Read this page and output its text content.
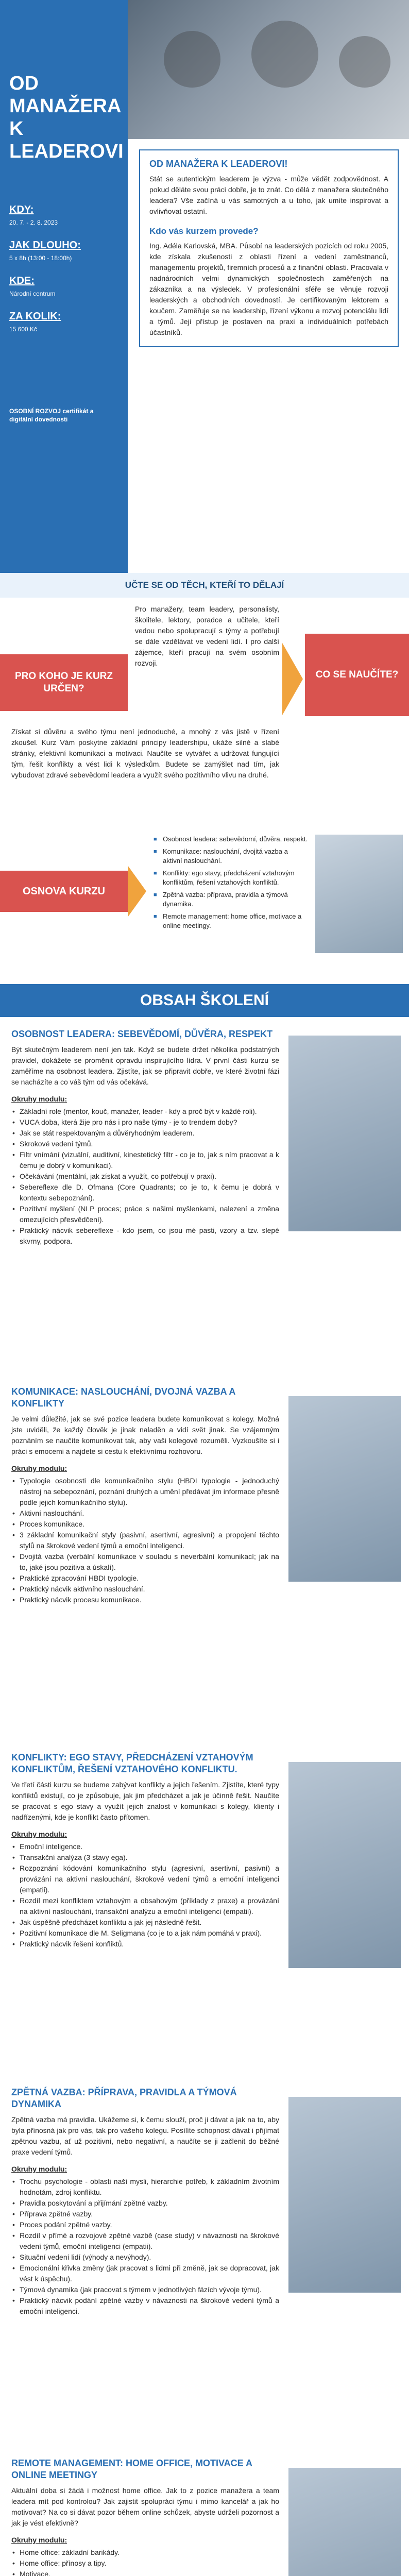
OD
MANAŽERA
K LEADEROVI
KDY:
20. 7. - 2. 8. 2023
JAK DLOUHO:
5 x 8h (13:00 - 18:00h)
KDE:
Národní centrum
ZA KOLIK:
15 600 Kč
OSOBNÍ ROZVOJ certifikát a digitální dovednosti
OD MANAŽERA K LEADEROVI!

Stát se autentickým leaderem je výzva - může vědět zodpovědnost. A pokud děláte svou práci dobře, je to znát. Co dělá z manažera skutečného leadera? Vše začíná u vás samotných a u toho, jak umíte inspirovat a ovlivňovat ostatní.

Kdo vás kurzem provede?

Ing. Adéla Karlovská, MBA. Působí na leaderských pozicích od roku 2005, kde získala zkušenosti z oblasti řízení a vedení zaměstnanců, managementu projektů, firemních procesů a z finanční oblasti. Pracovala v nadnárodních velmi dynamických společnostech zaměřených na zákazníka a na výsledek. V profesionální sféře se věnuje rozvoji leaderských a obchodních dovedností. Je certifikovaným lektorem a koučem. Zaměřuje se na leadership, řízení výkonu a rozvoj potenciálu lidí a týmů. Její přístup je postaven na praxi a individuálních potřebách účastníků.

UČTE SE OD TĚCH, KTEŘÍ TO DĚLAJÍ
PRO KOHO JE KURZ URČEN?

Pro manažery, team leadery, personalisty, školitele, lektory, poradce a učitele, kteří vedou nebo spolupracují s týmy a potřebují se dále vzdělávat ve vedení lidí. I pro další zájemce, kteří pracují na svém osobním rozvoji.

CO SE NAUČÍTE?

Získat si důvěru a svého týmu není jednoduché, a mnohý z vás jistě v řízení zkoušel. Kurz Vám poskytne základní principy leadershipu, ukáže silné a slabé stránky, efektivní komunikaci a motivaci. Naučíte se vytvářet a udržovat fungující tým, řešit konflikty a vést lidi k výsledkům. Budete se zamýšlet nad tím, jak vybudovat zdravé sebevědomí leadera a využít svého pozitivního vlivu na druhé.

OSNOVA KURZU
■ Osobnost leadera: sebevědomí, důvěra, respekt.
■ Komunikace: naslouchání, dvojitá vazba a aktivní naslouchání.
■ Konflikty: ego stavy, předcházení vztahovým konfliktům, řešení vztahových konfliktů.
■ Zpětná vazba: příprava, pravidla a týmová dynamika.
■ Remote management: home office, motivace a online meetingy.
OBSAH ŠKOLENÍ
OSOBNOST LEADERA: SEBEVĚDOMÍ, DŮVĚRA, RESPEKT

Být skutečným leaderem není jen tak. Když se budete držet několika podstatných pravidel, dokážete se proměnit opravdu inspirujícího lídra. V první části kurzu se zaměříme na osobnost leadera. Zjistíte, jak se připravit dobře, ve které životní fázi se nacházíte a co váš tým od vás očekává.

Okruhy modulu:
• Základní role (mentor, kouč, manažer, leader - kdy a proč být v každé roli).
• VUCA doba, která žije pro nás i pro naše týmy - je to trendem doby?
• Jak se stát respektovaným a důvěryhodným leaderem.
• Skrokové vedení týmů.
• Filtr vnímání (vizuální, auditivní, kinestetický filtr - co je to, jak s ním pracovat a k čemu je dobrý v komunikaci).
• Očekávání (mentální, jak získat a využít, co potřebují v praxi).
• Sebereflexe dle D. Ofmana (Core Quadrants; co je to, k čemu je dobrá v kontextu sebepoznání).
• Pozitivní myšlení (NLP proces; práce s našimi myšlenkami, nalezení a změna omezujících přesvědčení).
• Praktický nácvik sebereflexe - kdo jsem, co jsou mé pasti, vzory a tzv. slepé skvrny, podpora.
KOMUNIKACE: NASLOUCHÁNÍ, DVOJNÁ VAZBA A KONFLIKTY

Je velmi důležité, jak se své pozice leadera budete komunikovat s kolegy. Možná jste uviděli, že každý člověk je jinak naladěn a vidí svět jinak. Se vzájemným poznáním se naučíte komunikovat tak, aby vaši kolegové rozuměli. Vyzkoušíte si i práci s emocemi a najdete si cestu k efektivnímu rozhovoru.

Okruhy modulu:
• Typologie osobnosti dle komunikačního stylu (HBDI typologie - jednoduchý nástroj na sebepoznání, poznání druhých a umění předávat jim informace přesně podle jejich komunikačního stylu).
• Aktivní naslouchání.
• Proces komunikace.
• 3 základní komunikační styly (pasivní, asertivní, agresivní) a propojení těchto stylů na škrokové vedení týmů a emoční inteligenci.
• Dvojitá vazba (verbální komunikace v souladu s neverbální komunikací; jak na to, jaké jsou pozitiva a úskalí).
• Praktické zpracování HBDI typologie.
• Praktický nácvik aktivního naslouchání.
• Praktický nácvik procesu komunikace.
KONFLIKTY: EGO STAVY, PŘEDCHÁZENÍ VZTAHOVÝM KONFLIKTŮM, ŘEŠENÍ VZTAHOVÉHO KONFLIKTU.

Ve třetí části kurzu se budeme zabývat konflikty a jejich řešením. Zjistíte, které typy konfliktů existují, co je způsobuje, jak jim předcházet a jak je účinně řešit. Naučíte se pracovat s ego stavy a využít jejich znalost v komunikaci s kolegy, klienty i nadřízenými, kde je konflikt často přítomen.

Okruhy modulu:
• Emoční inteligence.
• Transakční analýza (3 stavy ega).
• Rozpoznání kódování komunikačního stylu (agresivní, asertivní, pasivní) a provázání na aktivní naslouchání, škrokové vedení týmů a emoční inteligenci (empatii).
• Rozdíl mezi konfliktem vztahovým a obsahovým (příklady z praxe) a provázání na aktivní naslouchání, transakční analýzu a emoční inteligenci (empatii).
• Jak úspěšně předcházet konfliktu a jak jej následně řešit.
• Pozitivní komunikace dle M. Seligmana (co je to a jak nám pomáhá v praxi).
• Praktický nácvik řešení konfliktů.
ZPĚTNÁ VAZBA: PŘÍPRAVA, PRAVIDLA A TÝMOVÁ DYNAMIKA

Zpětná vazba má pravidla. Ukážeme si, k čemu slouží, proč ji dávat a jak na to, aby byla přínosná jak pro vás, tak pro vašeho kolegu. Posílíte schopnost dávat i přijímat zpětnou vazbu, ať už pozitivní, nebo negativní, a naučíte se ji začlenit do běžné praxe vedení týmů.

Okruhy modulu:
• Trochu psychologie - oblasti naší mysli, hierarchie potřeb, k základním životním hodnotám, zdroj konfliktu.
• Pravidla poskytování a přijímání zpětné vazby.
• Příprava zpětné vazby.
• Proces podání zpětné vazby.
• Rozdíl v přímé a rozvojové zpětné vazbě (case study) v návaznosti na škrokové vedení týmů, emoční inteligenci (empatii).
• Situační vedení lidí (výhody a nevýhody).
• Emocionální křivka změny (jak pracovat s lidmi při změně, jak se dopracovat, jak vést k úspěchu).
• Týmová dynamika (jak pracovat s týmem v jednotlivých fázích vývoje týmu).
• Praktický nácvik podání zpětné vazby v návaznosti na škrokové vedení týmů a emoční inteligenci.
REMOTE MANAGEMENT: HOME OFFICE, MOTIVACE A ONLINE MEETINGY

Aktuální doba si žádá i možnost home office. Jak to z pozice manažera a team leadera mít pod kontrolou? Jak zajistit spolupráci týmu i mimo kancelář a jak ho motivovat? Na co si dávat pozor během online schůzek, abyste udrželi pozornost a jak je vést efektivně?

Okruhy modulu:
• Home office: základní barikády.
• Home office: přínosy a tipy.
• Motivace.
